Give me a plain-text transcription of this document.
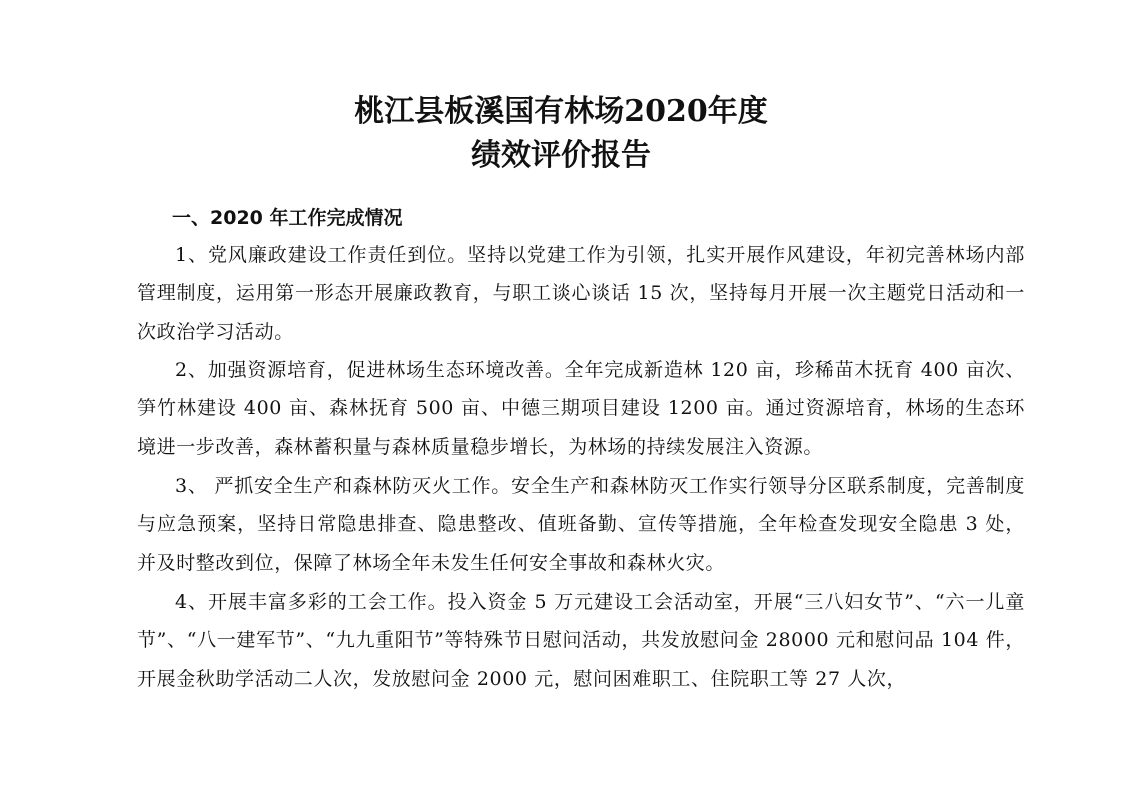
桃江县板溪国有林场2020年度
绩效评价报告
一、2020 年工作完成情况
1、党风廉政建设工作责任到位。坚持以党建工作为引领，扎实开展作风建设，年初完善林场内部管理制度，运用第一形态开展廉政教育，与职工谈心谈话 15 次，坚持每月开展一次主题党日活动和一次政治学习活动。
2、加强资源培育，促进林场生态环境改善。全年完成新造林 120 亩，珍稀苗木抚育 400 亩次、笋竹林建设 400 亩、森林抚育 500 亩、中德三期项目建设 1200 亩。通过资源培育，林场的生态环境进一步改善，森林蓄积量与森林质量稳步增长，为林场的持续发展注入资源。
3、 严抓安全生产和森林防灭火工作。安全生产和森林防灭工作实行领导分区联系制度，完善制度与应急预案，坚持日常隐患排查、隐患整改、值班备勤、宣传等措施，全年检查发现安全隐患 3 处，并及时整改到位，保障了林场全年未发生任何安全事故和森林火灾。
4、开展丰富多彩的工会工作。投入资金 5 万元建设工会活动室，开展“三八妇女节”、“六一儿童节”、“八一建军节”、“九九重阳节”等特殊节日慰问活动，共发放慰问金 28000 元和慰问品 104 件，开展金秋助学活动二人次，发放慰问金 2000 元，慰问困难职工、住院职工等 27 人次，
